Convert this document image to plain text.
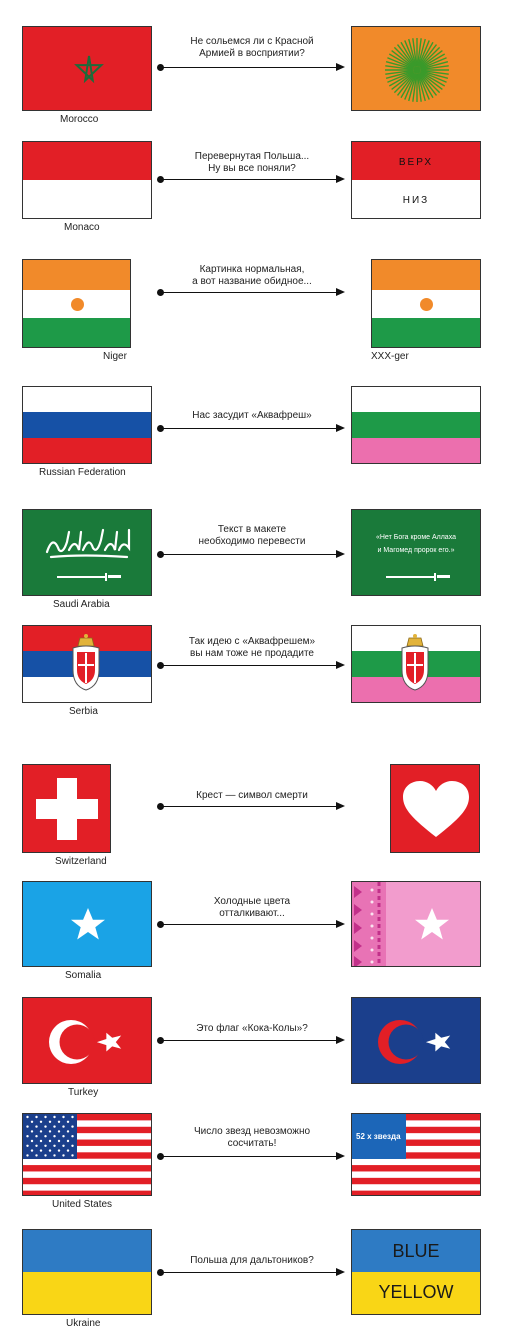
Morocco
Не сольемся ли с Красной
Армией в восприятии?
Monaco
Перевернутая Польша...
Ну вы все поняли?
ВЕРХ
НИЗ
Niger
Картинка нормальная,
а вот название обидное...
XXX-ger
Russian Federation
Нас засудит «Аквафреш»
Saudi Arabia
Текст в макете
необходимо перевести	«Нет Бога кроме Аллаха
и Магомед пророк его.»
Serbia
Так идею с «Аквафрешем»
вы нам тоже не продадите
Switzerland
Крест — символ смерти
Somalia
Холодные цвета
отталкивают...
Turkey
Это флаг «Кока-Колы»?
United States
Число звезд невозможно
сосчитать!
52 х звезда
Ukraine
Польша для дальтоников?	BLUE
YELLOW
